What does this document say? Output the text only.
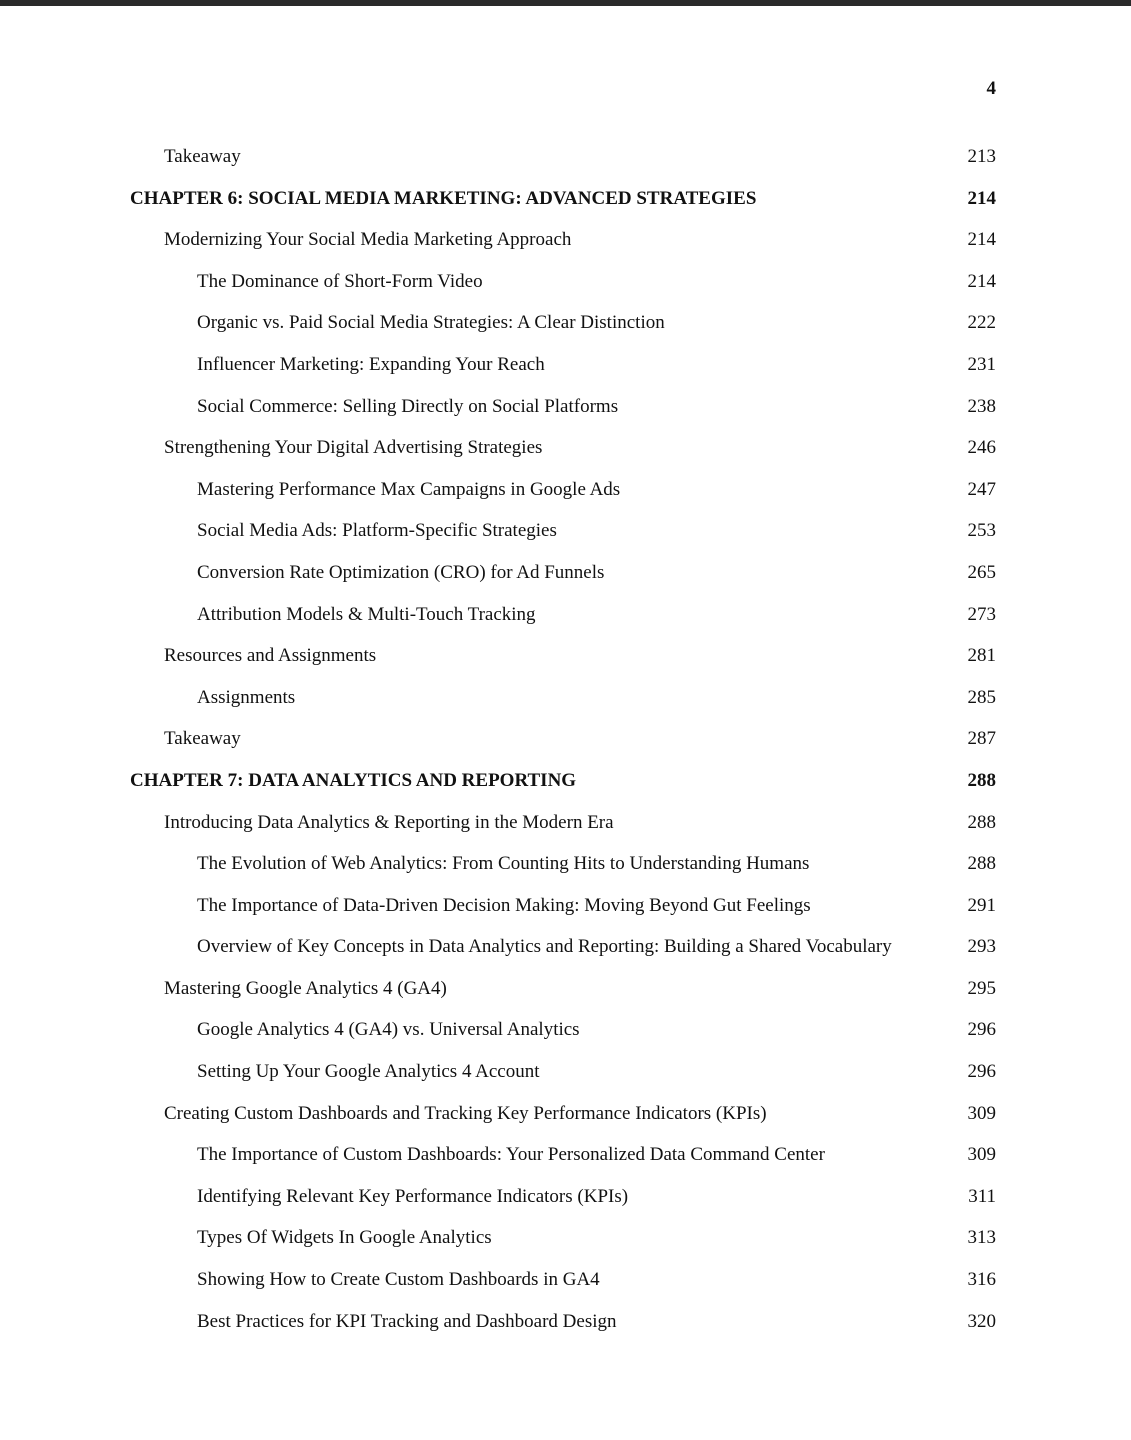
4
Takeaway	213
CHAPTER 6: SOCIAL MEDIA MARKETING: ADVANCED STRATEGIES	214
Modernizing Your Social Media Marketing Approach	214
The Dominance of Short-Form Video	214
Organic vs. Paid Social Media Strategies: A Clear Distinction	222
Influencer Marketing: Expanding Your Reach	231
Social Commerce: Selling Directly on Social Platforms	238
Strengthening Your Digital Advertising Strategies	246
Mastering Performance Max Campaigns in Google Ads	247
Social Media Ads: Platform-Specific Strategies	253
Conversion Rate Optimization (CRO) for Ad Funnels	265
Attribution Models & Multi-Touch Tracking	273
Resources and Assignments	281
Assignments	285
Takeaway	287
CHAPTER 7: DATA ANALYTICS AND REPORTING	288
Introducing Data Analytics & Reporting in the Modern Era	288
The Evolution of Web Analytics: From Counting Hits to Understanding Humans	288
The Importance of Data-Driven Decision Making: Moving Beyond Gut Feelings	291
Overview of Key Concepts in Data Analytics and Reporting: Building a Shared Vocabulary	293
Mastering Google Analytics 4 (GA4)	295
Google Analytics 4 (GA4) vs. Universal Analytics	296
Setting Up Your Google Analytics 4 Account	296
Creating Custom Dashboards and Tracking Key Performance Indicators (KPIs)	309
The Importance of Custom Dashboards: Your Personalized Data Command Center	309
Identifying Relevant Key Performance Indicators (KPIs)	311
Types Of Widgets In Google Analytics	313
Showing How to Create Custom Dashboards in GA4	316
Best Practices for KPI Tracking and Dashboard Design	320
